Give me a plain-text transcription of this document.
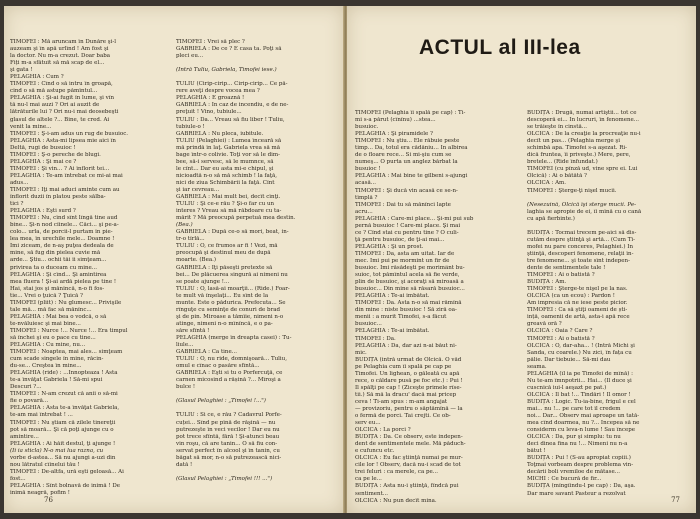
TIMOFEI : Mă aruncam în Dunăre şi-l

auzeam şi în apă urlînd ! Am fost şi

la doctor. Nu m-a crezut. Doar baba

Fiți m-a sfătuit să mă scap de el...

şi gata !

PELAGHIA : Cum ?

TIMOFEI : Cînd o să intru în groapă,

cînd o să mă astupe pămîntul...

PELAGHIA : Şi-ai fugit în lume, şi vîn

tă nu-l mai auzi ? Ori ai auzit de

lătrăturile lui ? Ori nu-i mai deosebeşti

glasul de altele ?... Bine, te cred. Ai

venit la mine...

TIMOFEI : Ş-i-am adus un rug de busuioc.

PELAGHIA : Asta-mi lipsea mie aici în

Deltă, rugi de busuioc !

TIMOFEI : Ş-o pereche de blugi.

PELAGHIA : Şi mai ce ?

TIMOFEI : Şi vin... ? Ai înflorit tei...

PELAGHIA : Te-am întrebat ce mi-ai mai

adus...

TIMOFEI : Iţi mai aduci aminte cum au

înflorit duzii în platou peste sălba-

tici ?

PELAGHIA : Eşti surd ?

TIMOFEI : Nu, cînd sînt lîngă tine aud

bine... Şi-n nod cîinele... Căci... şi pe-a-

colo... urla, de porcii-l purtam în pie-

lea mea, în urechile mele... Doamne !

Îmi ziceam, de n-aş puţea dedeala de

mine, să fug din pielea cuvie mă

arde... Ştiu... ochii tăi îi simţeam...

privirea ta o duceam cu mine...

PELAGHIA : Şi cînd... Şi amintirea

mea fluera ! Şi-ai ardă pielea pe tine !

Hai, stai jos şi mănîncă, n-o fi fos-

tie... Vrei o ţuică ? Ţuică ?

TIMOFEI (pliit) : Nu glumesc... Privişile

tale mă... mă fac să mănînc...

PELAGHIA : Mai bea o vodcă, o să

te-nvăluiesc şi mai bine...

TIMOFEI : Nurce !... Nurce !... Era timpul

să închei şi eu o pace cu tine...

PELAGHIA : Cu mine, nu...

TIMOFEI : Noaptea, mai ales... simţeam

cum scade singele în mine, răcin-

du-se... Creştea în mine...

PELAGHIA (ride) : ...Înnopteaza ! Asta

te-a învăţat Gabriela ! Să-mi spui

Descuri ?...

TIMOFEI : N-am crezut că anii o să-mi

fie o povară...

PELAGHIA : Asta te-a învăţat Gabriela,

te-am mai întrebat ! ...

TIMOFEI : Nu ştiam că zilele tinereţii

pot să moară... Şi că poţi ajunge cu o

amintire...

PELAGHIA : Ai hăit destul, ţi ajunge !

(Ii ia sticla) N-o mai lua razna, cu

vorbe d-astea... Să nu ajungi a-uzi din

nou lătratul cîinelui tău !

TIMOFEI : De-altfa, ură eşti geloasă... Ai

fost...

PELAGHIA : Sînt bolnavă de inimă ! De

inimă neagră, pofim !

TIMOFEI : Vrei să plec ?

GABRIELA : De ce ? E casa ta. Poţi să

pleci eu...

(Intră Tuliu, Gabriela, Timofei iese.)

TULIU (Cirip-cirip... Cirip-cirip... Ce pă-

rere aveţi despre vocea mea ?

PELAGHIA : E groaznă !

GABRIELA : În caz de incendiu, e de ne-

preţuit ! Vino, tubiule...

TULIU : Da... Vreau să fiu liber ! Tuliu,

tubiule-o !

GABRIELA : Nu pleca, iubitule.

TULIU (Pelaghiei) : Lumea înceară să

mă prindă în laţ. Gabriela vrea să mă

bage într-o colivie. Toţi vor să le dim-

bee, să-i servesc, să le mumnce, să

le cînt... Dar eu asta mi-e chipul, şi

nicioadtă n-o să mă schimb ! la faţă,

nici de ziua Schimbării la faţă. Cînt

şi iar cevreau...

GABRIELA : Mai mult bei, decît cînţi.

TULIU : Şi ce-e rău ? Şi-o far cu un

interes ? Vreau să mă răbdoare cu ta-

mărit ? Mă preocupă perpetuă mea destin.

(Bea.)

GABRIELA : După ce-o să mori, beat, in-

tr-o tîrlă...

TULIU : O, ce frumos ar fi ! Vezi, mă

preocupă şi destinul meu de după

moarte. (Bea.)

GABRIELA : Iţi păseşti pretexte să

bei... De plăcuerea singură ai nimeni nu

se poate ajunge !...

TULIU : O, lasă-ai moarţii... (Ride.) Foar-

te mult vă înşelaţi... Eu sînt de la

munte. Este o pădurica. Prefecuta... Se

rînguţe cu seminţe de conuri de brad

şi de pin. Miroase a tămîie, nimeni n-o

atinge, nimeni n-o mînîncă, e o pa-

săre sfîntă !

PELAGHIA (merge în dreapta casei) : Tu-

liule...

GABRIELA : Ca tine...

TULIU : O, nu ride, domnişoară... Tuliu,

omul e cînac o pasăre sfîntă...

GABRIELA : Eşti si tu o Porfercuţă, ce

carnen micosind a rășină ?... Mîroşi a

bulce !

(Glasul Pelaghiei : „Timofei !...")

TULIU : Si ce, e rău ? Cadavrul Porfe-

cuței... Sînd pe pînă de răşină — nu

putrezeşte în veci vecilor ! Dar eu nu

pot trece sfîntă, fără ! Şi-atunci beau

vin roşu, că are tanin... O să fiu con-

servat perfect în alcool şi în tanin, cu

băgat să mor, n-o să putrezească nici-

dată !

(Glasul Pelaghiei : „Timofei !!! ...")

76
ACTUL al III-lea

TIMOFEI (Pelaghia îi spală pe cap) : Ti-

mi s-a părut (cînînu) ...stea...

busuioc.

PELAGHIA : Şi piramidele ?

TIMOFEI : Nu ştiu... Ele răbuie peste

timp... Da, totul era cădăniu... În albirea

de o floare rece... Si mi-şiu cum se

numeş... O purta un anglez bărbat la

busuioc !

PELAGHIA : Mai bine te gîlbeni s-ajungi

acasă...

TIMOFEI : Şi ducă vin acasă ce se-n-

tîmplă ?

TIMOFEI : Dai tu să mănînci lapte

acru...

PELAGHIA : Care-mi place... Şi-mi pui sub

pernă busuioc ! Care-mi place. Şi mai

ce ? Cînd stai cu pentru tine ? O culi-

ţă pentru busuioc, de ţi-ai mai...

PELAGHIA : Şi un prost.

TIMOFEI : Da, asta am uitat. Iar de

mec. Îmi pui pe mormint un fir de

busuioc. Îmi răsădeşti pe morimânt bu-

suioc, tot pămîntul acela să fie verde,

plin de busuioc, şi acoraţi să miroasă a

busuioc... Din mine să răsară busuioc...

PELAGHIA : Te-ai îmbătat.

TIMOFEI : Da. Asta n-o să mai rămînă

din mine : niste busuioc ! Să ziră oa-

menii : a murit Timofei, s-a făcut

busuioc...

PELAGHIA : Te-ai îmbătat.

TIMOFEI : Da.

PELAGHIA : Da, dar azi n-ai băut ni-

mic.

BUDIȚĂ (intră urmat de Olcică. O văd

pe Pelaghia cum îi spală pe cap pe

Timofei. Un lighean, o găleată cu apă

rece, o căldare pusă pe foc etc.) : Pui !

Îl spălţi pe cap ! (Ziceşte primele rîse-

tii.) Să mă la dracu' dacă mai pricep

ceva ! Ti-am spus : m-am angajat

— provizoriu, pentru o săptămînă — la

o fermă de porci. Tai crejti. Ce ob-

serv eu...

OLCICĂ : La porci ?

BUDIȚĂ : Da. Ce observ, este indepen-

dent de sentimentele mele. Mă păduch-

e cufuncu etc.

OLCICĂ : Eu fac ştiinţă numai pe mur-

cile lor ! Observ, dacă nu-i scad de tot

trei feluri : ca merele, ca pe...

ca pe le...

BUDIȚĂ : Asta nu-i ştiinţă, fîndcă pui

sentiment...

OLCICĂ : Nu pun decît mina.

BUDIȚĂ : Drugă, numai artiştii... tot ce

descoperă ei... În lucruri, în fenomene...

se trăieşte în cinstă...

OLCICĂ : De la creaţie la procreaţie nu-i

decît un pas... (Pelaghia merge şi

schimbă apa. Timofei s-a aşezat. Ri-

dică fruntea, îi priveşte.) Mere, pere,

bretele... (Ride înfundat.)

TIMOFEI (cu pînză ud, vine spre ei. Lui

Olcică) : Ai o bătătă ?

OLCICĂ : Am.

TIMOFEI : Şterge-ţi nişel mucii.

(Nesezuină, Olcică îşi sterge mucii. Pe-

laghia se apropie de ei, îi mînă cu o cană

cu apă fierbinte.)

BUDIȚĂ : Tocmai trecem pe-aici să dis-

cutăm despre ştiinţă şi artă... (Cum Ti-

mofei nu pare conceres, Pelaghiei.) În

ştiinţă, descoperi fenomene, relaţii în-

tre fenomene... şi toate sînt indepen-

dente de sentimentele tale !

TIMOFEI : Ai o batistă ?

BUDIȚĂ : Am.

TIMOFEI : Şterge-te nişel pe la nas.

OLCICĂ (ca un ecou) : Pardon !

Am impresia că ne iese peste picior.

TIMOFEI : Ca să ştiţi oameni de ști-

ință, oamenii de artă, asta-i apă rece

greavă oră ?

OLCICĂ : Oaia ? Care ?

TIMOFEI : Ai o batistă ?

OLCICĂ : O, dar-aha... ! (Intră Michi şi

Sanda, cu coarele.) Nu zici, în fața cu

pălie. Dar tiebuie... Să-mi dau

seama.

PELAGHIA (îl ia pe Timofei de mînă) :

Nu te-am îmnpotrii... Hai... (Îl duce şi

cuscnică iui-l aeşazt pe pat.)

OLCICĂ : Îl bat !... Tîndări ! Îl omor !

BUDIȚĂ : Logic. Tu-ia-bine, frigul e cel

mai... nu !... pe care tot îl credem

noi... Dar... Observ mai aproape un tată-

mea cînd doarmea, nu ?... Incepea să ne

considerm cu leva-n lume ! Sau începe

OLCICĂ : Da, pur şi simplu: tu nu

deci dinea fina nu !... Nimeni nu n-a

bătut !

BUDIȚĂ : Pui ! (S-au apropiat copiii.)

Toţmai vorbeam despre problema vin-

decării boli vremiloe de mătase...

MICHI : Ce bucură de fir...

BUDIȚĂ (mîngîindu-l pe cap) : Da, aşa.

Dar mare savant Pasteur a rezolvat

77
